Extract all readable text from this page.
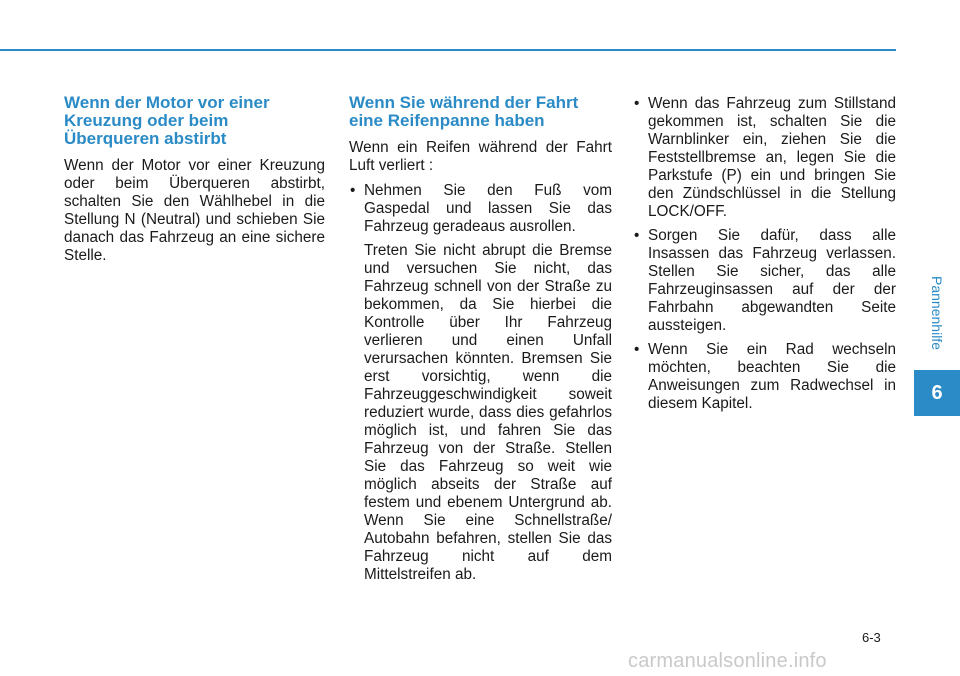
Wenn der Motor vor einer Kreuzung oder beim Überqueren abstirbt

Wenn der Motor vor einer Kreuzung oder beim Überqueren abstirbt, schalten Sie den Wählhebel in die Stellung N (Neutral) und schieben Sie danach das Fahrzeug an eine sichere Stelle.

Wenn Sie während der Fahrt eine Reifenpanne haben

Wenn ein Reifen während der Fahrt Luft verliert :

• Nehmen Sie den Fuß vom Gaspedal und lassen Sie das Fahrzeug geradeaus ausrollen.

Treten Sie nicht abrupt die Bremse und versuchen Sie nicht, das Fahrzeug schnell von der Straße zu bekommen, da Sie hierbei die Kontrolle über Ihr Fahrzeug verlieren und einen Unfall verursachen könnten. Bremsen Sie erst vorsichtig, wenn die Fahrzeuggeschwindigkeit soweit reduziert wurde, dass dies gefahrlos möglich ist, und fahren Sie das Fahrzeug von der Straße. Stellen Sie das Fahrzeug so weit wie möglich abseits der Straße auf festem und ebenem Untergrund ab. Wenn Sie eine Schnellstraße/ Autobahn befahren, stellen Sie das Fahrzeug nicht auf dem Mittelstreifen ab.

• Wenn das Fahrzeug zum Stillstand gekommen ist, schalten Sie die Warnblinker ein, ziehen Sie die Feststellbremse an, legen Sie die Parkstufe (P) ein und bringen Sie den Zündschlüssel in die Stellung LOCK/OFF.
• Sorgen Sie dafür, dass alle Insassen das Fahrzeug verlassen. Stellen Sie sicher, das alle Fahrzeuginsassen auf der der Fahrbahn abgewandten Seite aussteigen.
• Wenn Sie ein Rad wechseln möchten, beachten Sie die Anweisungen zum Radwechsel in diesem Kapitel.
Pannenhilfe
6
6-3
carmanualsonline.info
